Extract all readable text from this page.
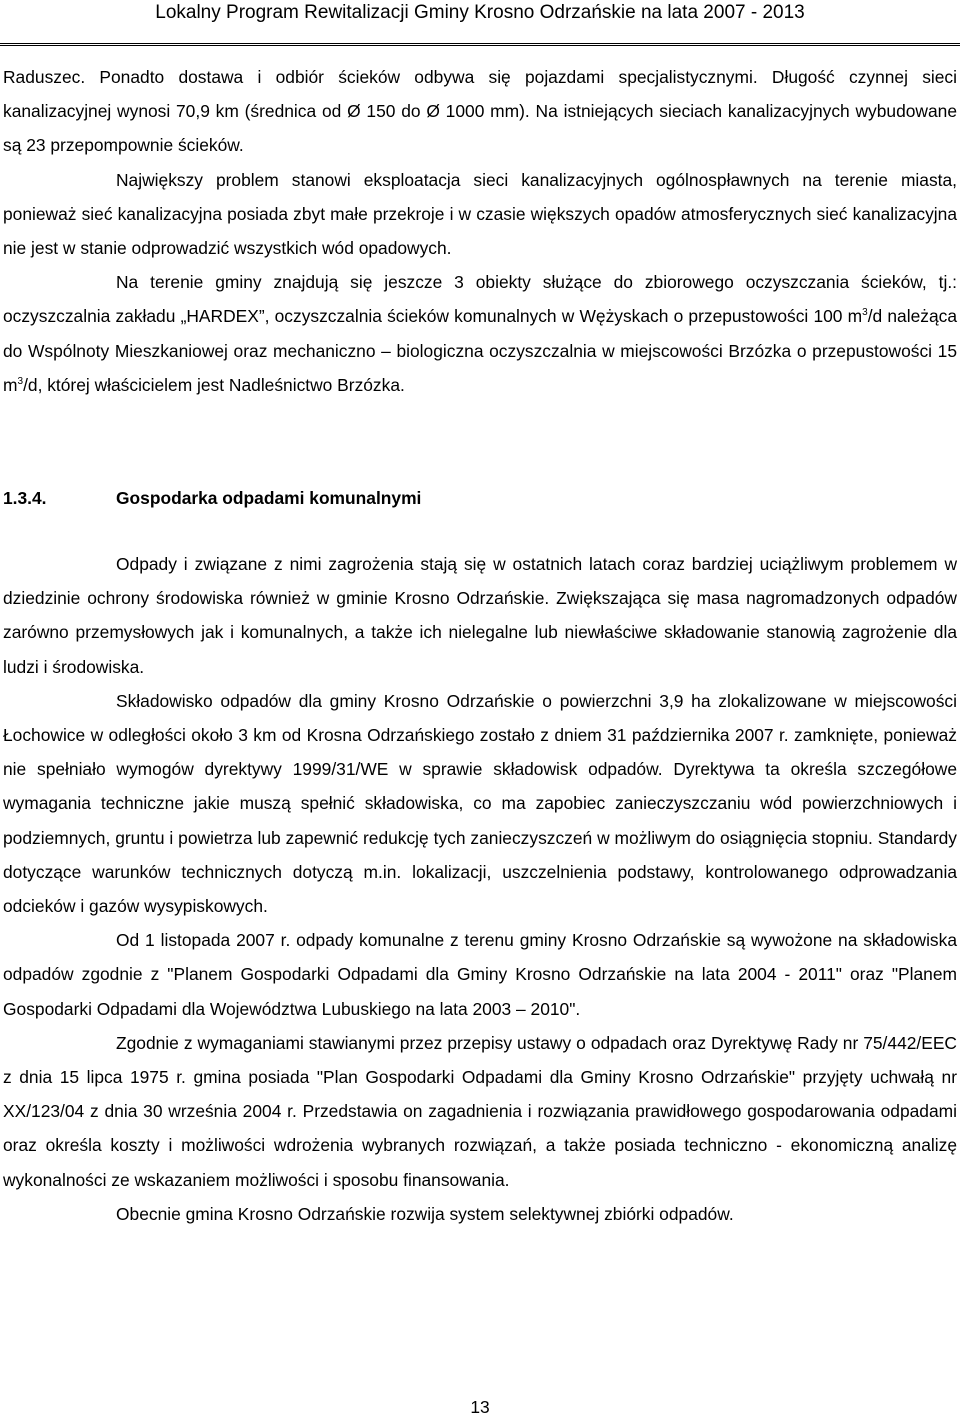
Lokalny Program Rewitalizacji Gminy Krosno Odrzańskie na lata 2007 - 2013

Raduszec. Ponadto dostawa i odbiór ścieków odbywa się pojazdami specjalistycznymi. Długość czynnej sieci kanalizacyjnej wynosi 70,9 km (średnica od Ø 150 do Ø 1000 mm). Na istniejących sieciach kanalizacyjnych wybudowane są 23 przepompownie ścieków.

Największy problem stanowi eksploatacja sieci kanalizacyjnych ogólnospławnych na terenie miasta, ponieważ sieć kanalizacyjna posiada zbyt małe przekroje i w czasie większych opadów atmosferycznych sieć kanalizacyjna nie jest w stanie odprowadzić wszystkich wód opadowych.

Na terenie gminy znajdują się jeszcze 3 obiekty służące do zbiorowego oczyszczania ścieków, tj.: oczyszczalnia zakładu „HARDEX”, oczyszczalnia ścieków komunalnych w Wężyskach o przepustowości 100 $m^3/d$ należąca do Wspólnoty Mieszkaniowej oraz mechaniczno – biologiczna oczyszczalnia w miejscowości Brzózka o przepustowości 15 $m^3/d$, której właścicielem jest Nadleśnictwo Brzózka.

1.3.4.	Gospodarka odpadami komunalnymi

Odpady i związane z nimi zagrożenia stają się w ostatnich latach coraz bardziej uciążliwym problemem w dziedzinie ochrony środowiska również w gminie Krosno Odrzańskie. Zwiększająca się masa nagromadzonych odpadów zarówno przemysłowych jak i komunalnych, a także ich nielegalne lub niewłaściwe składowanie stanowią zagrożenie dla ludzi i środowiska.

Składowisko odpadów dla gminy Krosno Odrzańskie o powierzchni 3,9 ha zlokalizowane w miejscowości Łochowice w odległości około 3 km od Krosna Odrzańskiego zostało z dniem 31 października 2007 r. zamknięte, ponieważ nie spełniało wymogów dyrektywy 1999/31/WE w sprawie składowisk odpadów. Dyrektywa ta określa szczegółowe wymagania techniczne jakie muszą spełnić składowiska, co ma zapobiec zanieczyszczaniu wód powierzchniowych i podziemnych, gruntu i powietrza lub zapewnić redukcję tych zanieczyszczeń w możliwym do osiągnięcia stopniu. Standardy dotyczące warunków technicznych dotyczą m.in. lokalizacji, uszczelnienia podstawy, kontrolowanego odprowadzania odcieków i gazów wysypiskowych.

Od 1 listopada 2007 r. odpady komunalne z terenu gminy Krosno Odrzańskie są wywożone na składowiska odpadów zgodnie z "Planem Gospodarki Odpadami dla Gminy Krosno Odrzańskie na lata 2004 - 2011" oraz "Planem Gospodarki Odpadami dla Województwa Lubuskiego na lata 2003 – 2010".

Zgodnie z wymaganiami stawianymi przez przepisy ustawy o odpadach oraz Dyrektywę Rady nr 75/442/EEC z dnia 15 lipca 1975 r. gmina posiada "Plan Gospodarki Odpadami dla Gminy Krosno Odrzańskie" przyjęty uchwałą nr XX/123/04 z dnia 30 września 2004 r. Przedstawia on zagadnienia i rozwiązania prawidłowego gospodarowania odpadami oraz określa koszty i możliwości wdrożenia wybranych rozwiązań, a także posiada techniczno - ekonomiczną analizę wykonalności ze wskazaniem możliwości i sposobu finansowania.

Obecnie gmina Krosno Odrzańskie rozwija system selektywnej zbiórki odpadów.

13
